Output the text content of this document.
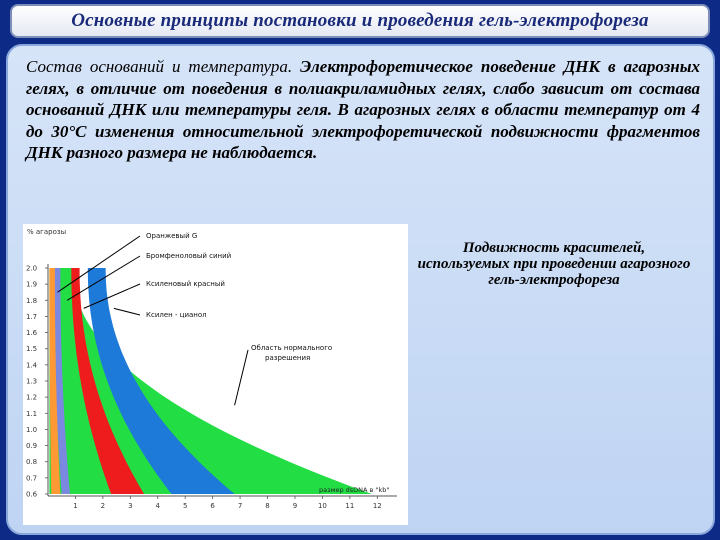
Основные принципы постановки и проведения гель-электрофореза

Состав оснований и температура. Электрофоретическое поведение ДНК в агарозных гелях, в отличие от поведения в полиакриламидных гелях, слабо зависит от состава оснований ДНК или температуры геля. В агарозных гелях в области температур от 4 до 30°С изменения относительной электрофоретической подвижности фрагментов ДНК разного размера не наблюдается.

% агарозы
2.0
1.9
1.8
1.7
1.6
1.5
1.4
1.3
1.2
1.1
1.0
0.9
0.8
0.7
0.6
1	2	3	4	5	6	7	8	9	10	11	12
размер dsDNA в "kb"
Оранжевый G
Бромфеноловый синий
Ксиленовый красный
Ксилен - цианол
Область нормального разрешения
Подвижность красителей, используемых при проведении агарозного гель-электрофореза
